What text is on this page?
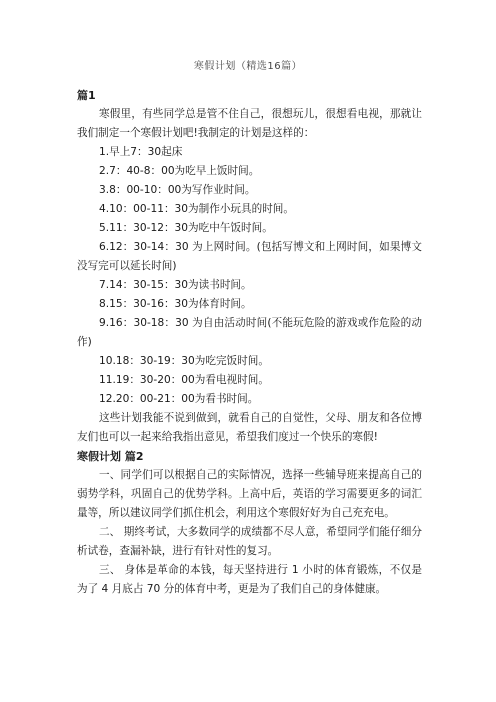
寒假计划（精选16篇）

篇1

寒假里，有些同学总是管不住自己，很想玩儿，很想看电视，那就让我们制定一个寒假计划吧!我制定的计划是这样的：

1.早上7：30起床

2.7：40-8：00为吃早上饭时间。

3.8：00-10：00为写作业时间。

4.10：00-11：30为制作小玩具的时间。

5.11：30-12：30为吃中午饭时间。

6.12：30-14：30 为上网时间。(包括写博文和上网时间，如果博文没写完可以延长时间)

7.14：30-15：30为读书时间。

8.15：30-16：30为体育时间。

9.16：30-18：30 为自由活动时间(不能玩危险的游戏或作危险的动作)

10.18：30-19：30为吃完饭时间。

11.19：30-20：00为看电视时间。

12.20：00-21：00为看书时间。

这些计划我能不说到做到，就看自己的自觉性，父母、朋友和各位博友们也可以一起来给我指出意见，希望我们度过一个快乐的寒假!

寒假计划 篇2

一、同学们可以根据自己的实际情况，选择一些辅导班来提高自己的弱势学科，巩固自己的优势学科。上高中后，英语的学习需要更多的词汇量等，所以建议同学们抓住机会，利用这个寒假好好为自己充充电。

二、 期终考试，大多数同学的成绩都不尽人意，希望同学们能仔细分析试卷，查漏补缺，进行有针对性的复习。

三、 身体是革命的本钱，每天坚持进行 1 小时的体育锻炼，不仅是为了 4 月底占 70 分的体育中考，更是为了我们自己的身体健康。
